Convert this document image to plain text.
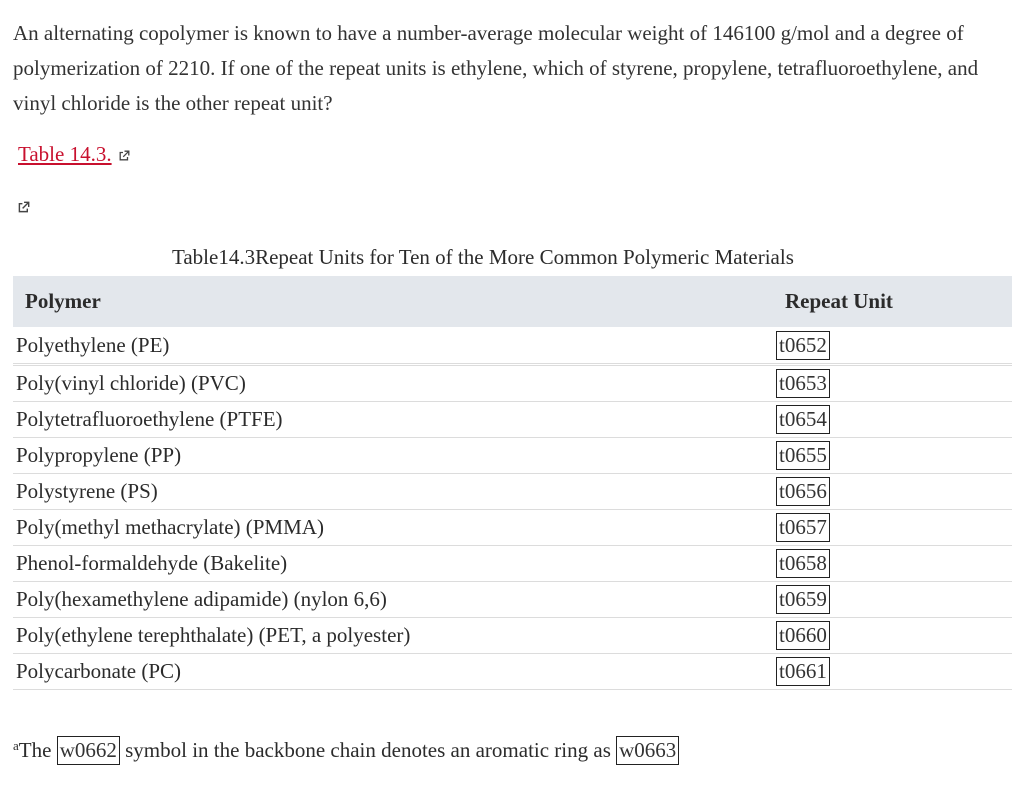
An alternating copolymer is known to have a number-average molecular weight of 146100 g/mol and a degree of polymerization of 2210. If one of the repeat units is ethylene, which of styrene, propylene, tetrafluoroethylene, and vinyl chloride is the other repeat unit?

Table 14.3.
Table14.3Repeat Units for Ten of the More Common Polymeric Materials
Polymer	Repeat Unit
Polyethylene (PE)	t0652
Poly(vinyl chloride) (PVC)	t0653
Polytetrafluoroethylene (PTFE)	t0654
Polypropylene (PP)	t0655
Polystyrene (PS)	t0656
Poly(methyl methacrylate) (PMMA)	t0657
Phenol-formaldehyde (Bakelite)	t0658
Poly(hexamethylene adipamide) (nylon 6,6)	t0659
Poly(ethylene terephthalate) (PET, a polyester)	t0660
Polycarbonate (PC)	t0661
$^a$The w0662 symbol in the backbone chain denotes an aromatic ring as w0663
